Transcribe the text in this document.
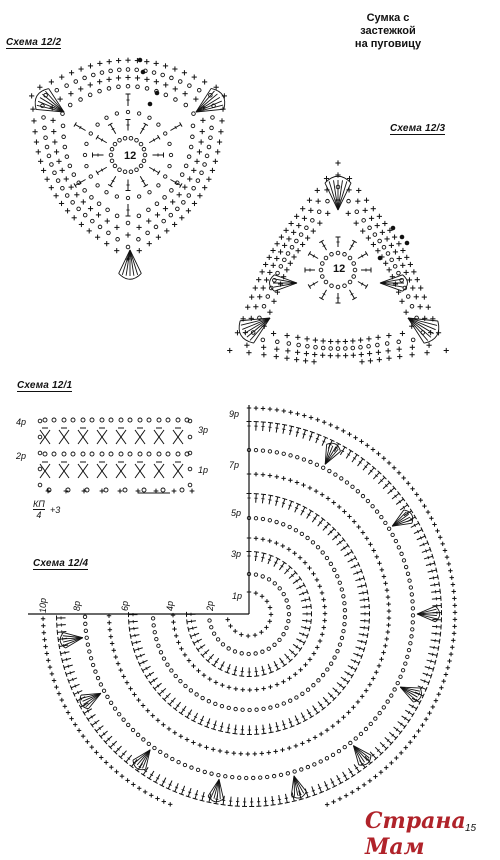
Сумка с застежкой
на пуговицу
Схема 12/2
Схема 12/3
Схема 12/1
Схема 12/4
12
12
4р
2р
3р
1р
КП
4 +3
9р
7р
5р
3р
1р
10р	8р	6р	4р	2р
Страна Мам
15
